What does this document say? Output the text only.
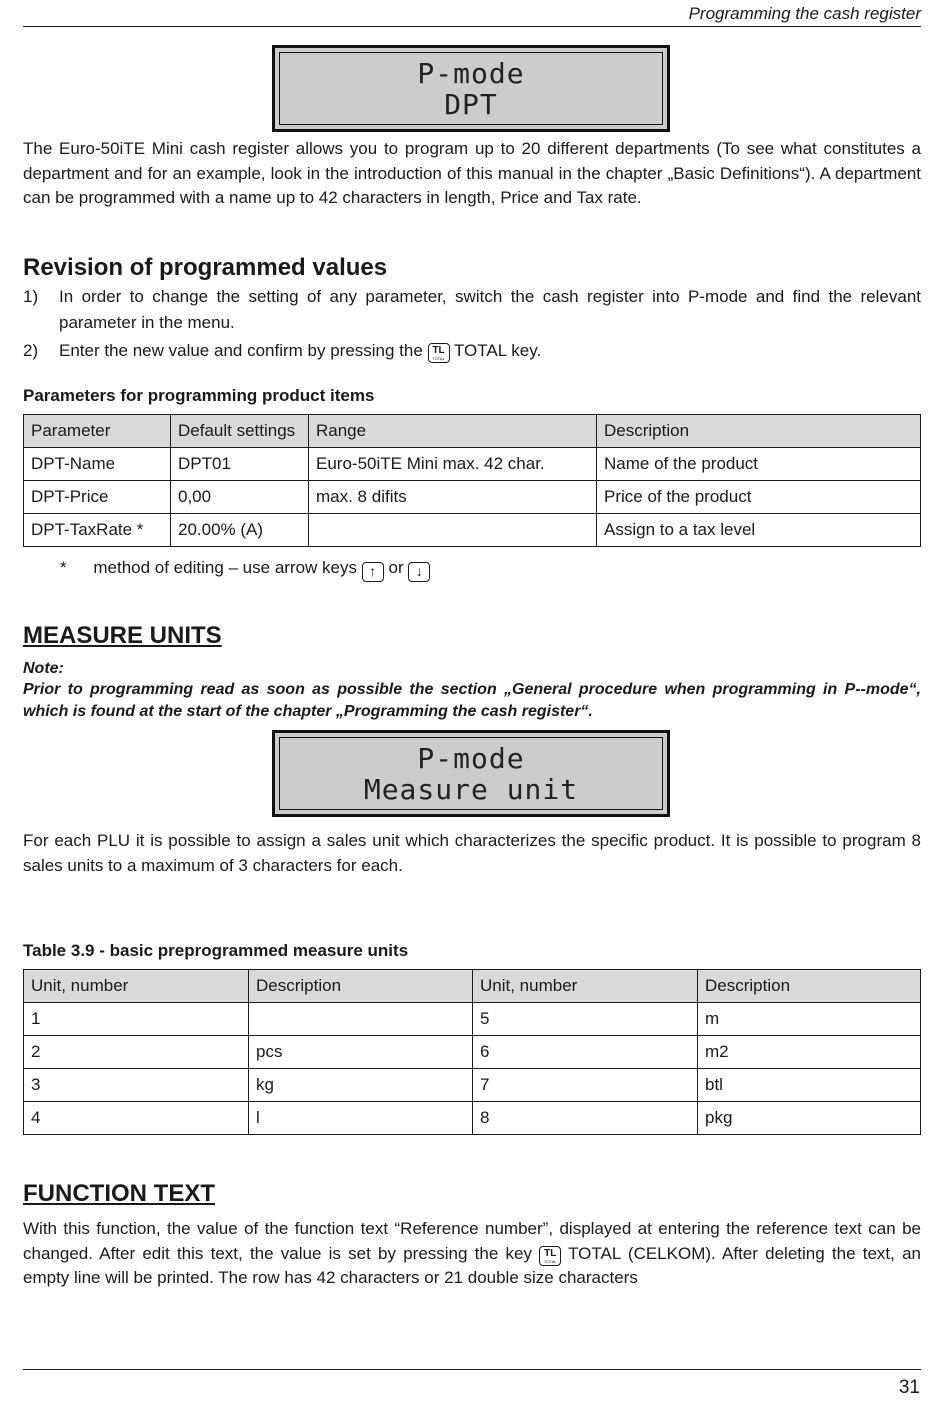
Programming the cash register
P-mode
DPT
The Euro-50iTE Mini cash register allows you to program up to 20 different departments (To see what constitutes a department and for an example, look in the introduction of this manual in the chapter „Basic Definitions“). A department can be programmed with a name up to 42 characters in length, Price and Tax rate.
Revision of programmed values
1) In order to change the setting of any parameter, switch the cash register into P-mode and find the relevant parameter in the menu.
2) Enter the new value and confirm by pressing the TL
TOTAL TOTAL key.
Parameters for programming product items
Parameter	Default settings	Range	Description
DPT-Name	DPT01	Euro-50iTE Mini max. 42 char.	Name of the product
DPT-Price	0,00	max. 8 difits	Price of the product
DPT-TaxRate *	20.00% (A)		Assign to a tax level
* method of editing – use arrow keys ↑ or ↓
MEASURE UNITS
Note:
Prior to programming read as soon as possible the section „General procedure when programming in P--mode“, which is found at the start of the chapter „Programming the cash register“.
P-mode
Measure unit
For each PLU it is possible to assign a sales unit which characterizes the specific product. It is possible to program 8 sales units to a maximum of 3 characters for each.
Table 3.9 - basic preprogrammed measure units
Unit, number	Description	Unit, number	Description
1		5	m
2	pcs	6	m2
3	kg	7	btl
4	l	8	pkg
FUNCTION TEXT
With this function, the value of the function text “Reference number”, displayed at entering the reference text can be changed. After edit this text, the value is set by pressing the key	TL
TOTAL TOTAL (CELKOM). After deleting the text, an empty line will be printed. The row has 42 characters or 21 double size characters
31
